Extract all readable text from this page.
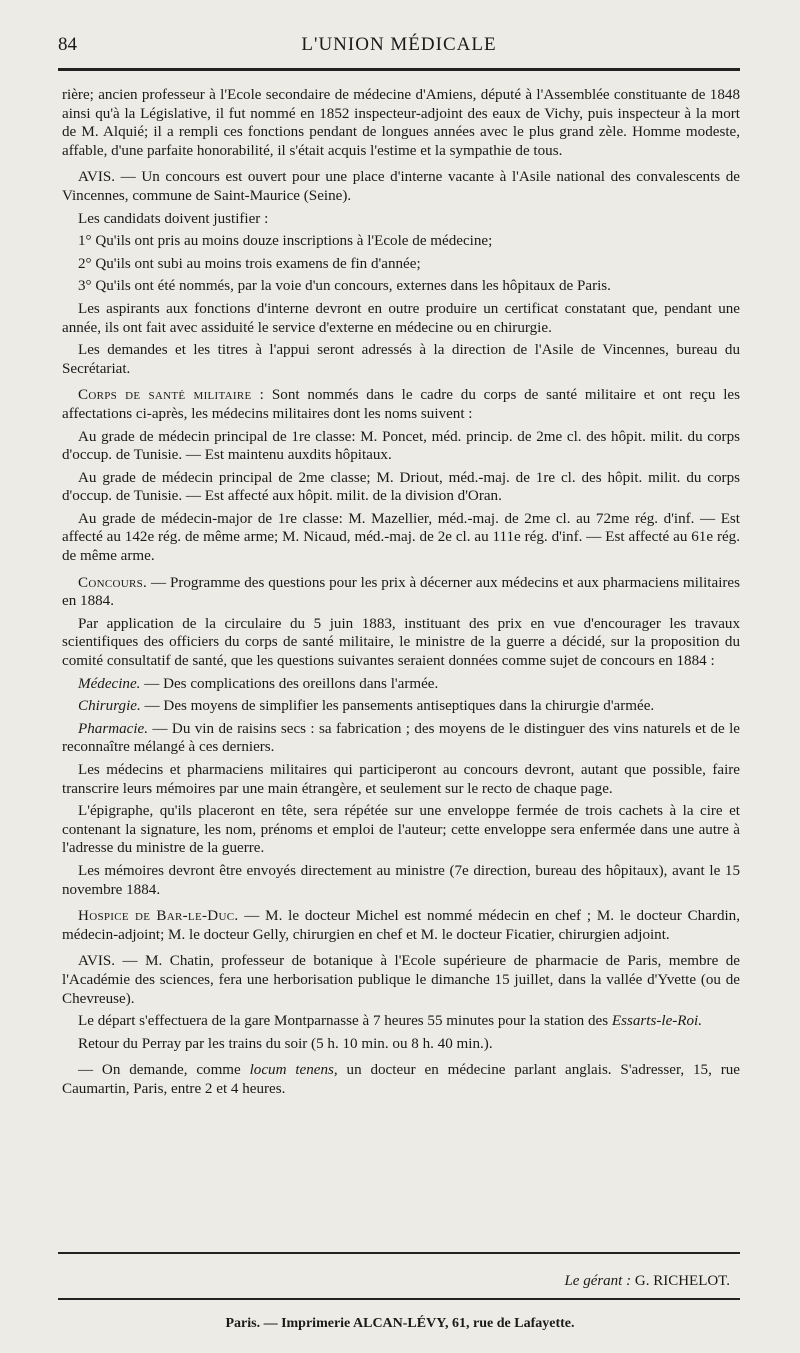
84	L'UNION MÉDICALE

rière; ancien professeur à l'Ecole secondaire de médecine d'Amiens, député à l'Assemblée constituante de 1848 ainsi qu'à la Législative, il fut nommé en 1852 inspecteur-adjoint des eaux de Vichy, puis inspecteur à la mort de M. Alquié; il a rempli ces fonctions pendant de longues années avec le plus grand zèle. Homme modeste, affable, d'une parfaite honorabilité, il s'était acquis l'estime et la sympathie de tous.

AVIS. — Un concours est ouvert pour une place d'interne vacante à l'Asile national des convalescents de Vincennes, commune de Saint-Maurice (Seine).

Les candidats doivent justifier :

1° Qu'ils ont pris au moins douze inscriptions à l'Ecole de médecine;

2° Qu'ils ont subi au moins trois examens de fin d'année;

3° Qu'ils ont été nommés, par la voie d'un concours, externes dans les hôpitaux de Paris.

Les aspirants aux fonctions d'interne devront en outre produire un certificat constatant que, pendant une année, ils ont fait avec assiduité le service d'externe en médecine ou en chirurgie.

Les demandes et les titres à l'appui seront adressés à la direction de l'Asile de Vincennes, bureau du Secrétariat.

Corps de santé militaire : Sont nommés dans le cadre du corps de santé militaire et ont reçu les affectations ci-après, les médecins militaires dont les noms suivent :

Au grade de médecin principal de 1re classe: M. Poncet, méd. princip. de 2me cl. des hôpit. milit. du corps d'occup. de Tunisie. — Est maintenu auxdits hôpitaux.

Au grade de médecin principal de 2me classe; M. Driout, méd.-maj. de 1re cl. des hôpit. milit. du corps d'occup. de Tunisie. — Est affecté aux hôpit. milit. de la division d'Oran.

Au grade de médecin-major de 1re classe: M. Mazellier, méd.-maj. de 2me cl. au 72me rég. d'inf. — Est affecté au 142e rég. de même arme; M. Nicaud, méd.-maj. de 2e cl. au 111e rég. d'inf. — Est affecté au 61e rég. de même arme.

Concours. — Programme des questions pour les prix à décerner aux médecins et aux pharmaciens militaires en 1884.

Par application de la circulaire du 5 juin 1883, instituant des prix en vue d'encourager les travaux scientifiques des officiers du corps de santé militaire, le ministre de la guerre a décidé, sur la proposition du comité consultatif de santé, que les questions suivantes seraient données comme sujet de concours en 1884 :

Médecine. — Des complications des oreillons dans l'armée.

Chirurgie. — Des moyens de simplifier les pansements antiseptiques dans la chirurgie d'armée.

Pharmacie. — Du vin de raisins secs : sa fabrication ; des moyens de le distinguer des vins naturels et de le reconnaître mélangé à ces derniers.

Les médecins et pharmaciens militaires qui participeront au concours devront, autant que possible, faire transcrire leurs mémoires par une main étrangère, et seulement sur le recto de chaque page.

L'épigraphe, qu'ils placeront en tête, sera répétée sur une enveloppe fermée de trois cachets à la cire et contenant la signature, les nom, prénoms et emploi de l'auteur; cette enveloppe sera enfermée dans une autre à l'adresse du ministre de la guerre.

Les mémoires devront être envoyés directement au ministre (7e direction, bureau des hôpitaux), avant le 15 novembre 1884.

Hospice de Bar-le-Duc. — M. le docteur Michel est nommé médecin en chef ; M. le docteur Chardin, médecin-adjoint; M. le docteur Gelly, chirurgien en chef et M. le docteur Ficatier, chirurgien adjoint.

AVIS. — M. Chatin, professeur de botanique à l'Ecole supérieure de pharmacie de Paris, membre de l'Académie des sciences, fera une herborisation publique le dimanche 15 juillet, dans la vallée d'Yvette (ou de Chevreuse).

Le départ s'effectuera de la gare Montparnasse à 7 heures 55 minutes pour la station des Essarts-le-Roi.

Retour du Perray par les trains du soir (5 h. 10 min. ou 8 h. 40 min.).

— On demande, comme locum tenens, un docteur en médecine parlant anglais. S'adresser, 15, rue Caumartin, Paris, entre 2 et 4 heures.

Le gérant : G. RICHELOT.
Paris. — Imprimerie ALCAN-LÉVY, 61, rue de Lafayette.
